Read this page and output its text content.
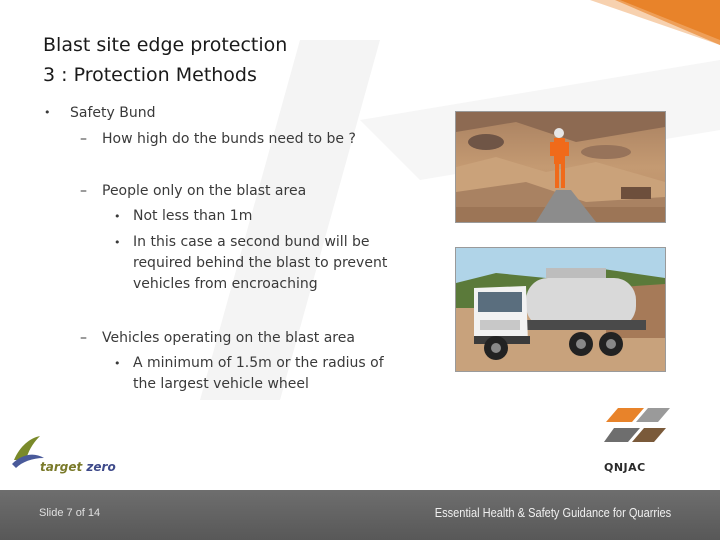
Blast site edge protection
3 : Protection Methods
• Safety Bund
– How high do the bunds need to be ?
– People only on the blast area
• Not less than 1m
• In this case a second bund will be required behind the blast to prevent vehicles from encroaching
– Vehicles operating on the blast area
• A minimum of 1.5m or the radius of the largest vehicle wheel
target zero	QNJAC
Slide 7 of 14	Essential Health & Safety Guidance for Quarries
